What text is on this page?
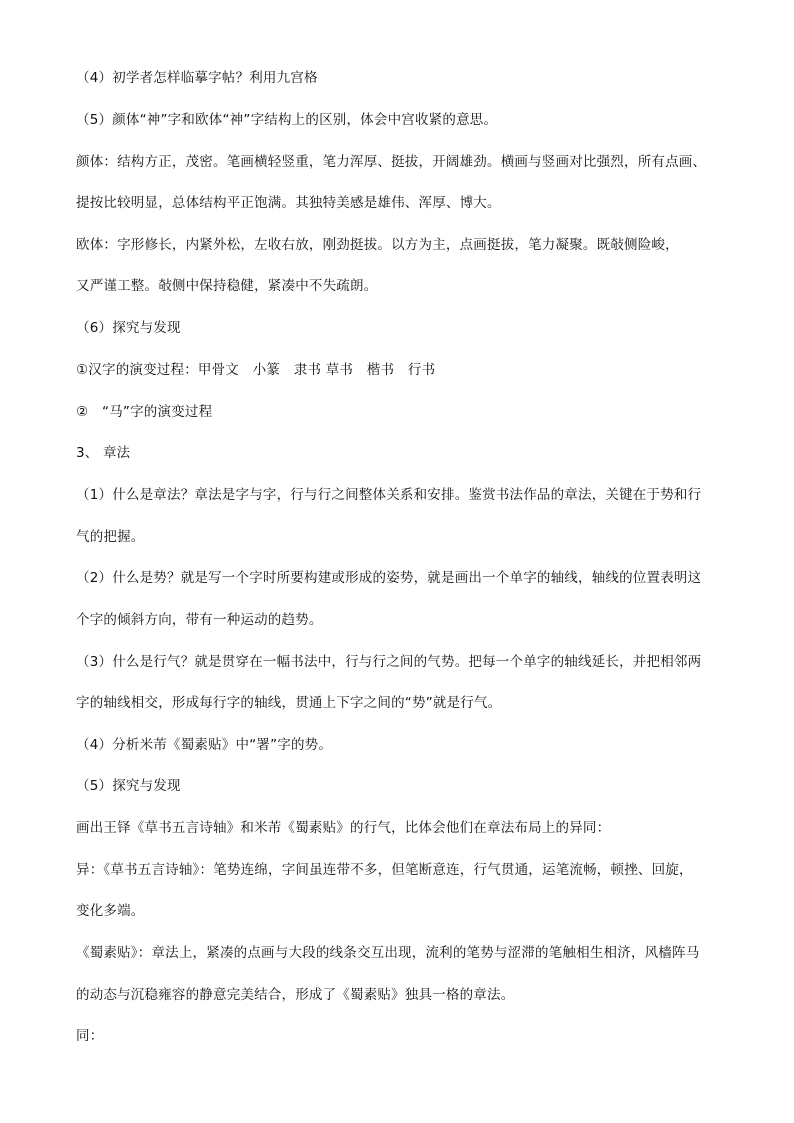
（4）初学者怎样临摹字帖？利用九宫格

（5）颜体“神”字和欧体“神”字结构上的区别，体会中宫收紧的意思。

颜体：结构方正，茂密。笔画横轻竖重，笔力浑厚、挺拔，开阔雄劲。横画与竖画对比强烈，所有点画、

提按比较明显，总体结构平正饱满。其独特美感是雄伟、浑厚、博大。

欧体：字形修长，内紧外松，左收右放，刚劲挺拔。以方为主，点画挺拔，笔力凝聚。既敧侧险峻，

又严谨工整。敧侧中保持稳健，紧凑中不失疏朗。

（6）探究与发现

①汉字的演变过程：甲骨文　小篆　隶书 草书　楷书　行书

②　“马”字的演变过程

3、 章法

（1）什么是章法？章法是字与字，行与行之间整体关系和安排。鉴赏书法作品的章法，关键在于势和行

气的把握。

（2）什么是势？就是写一个字时所要构建或形成的姿势，就是画出一个单字的轴线，轴线的位置表明这

个字的倾斜方向，带有一种运动的趋势。

（3）什么是行气？就是贯穿在一幅书法中，行与行之间的气势。把每一个单字的轴线延长，并把相邻两

字的轴线相交，形成每行字的轴线，贯通上下字之间的“势”就是行气。

（4）分析米芾《蜀素贴》中“署”字的势。

（5）探究与发现

画出王铎《草书五言诗轴》和米芾《蜀素贴》的行气，比体会他们在章法布局上的异同：

异：《草书五言诗轴》：笔势连绵，字间虽连带不多，但笔断意连，行气贯通，运笔流畅，顿挫、回旋，

变化多端。

《蜀素贴》：章法上，紧凑的点画与大段的线条交互出现，流利的笔势与涩滞的笔触相生相济，风樯阵马

的动态与沉稳雍容的静意完美结合，形成了《蜀素贴》独具一格的章法。

同：
